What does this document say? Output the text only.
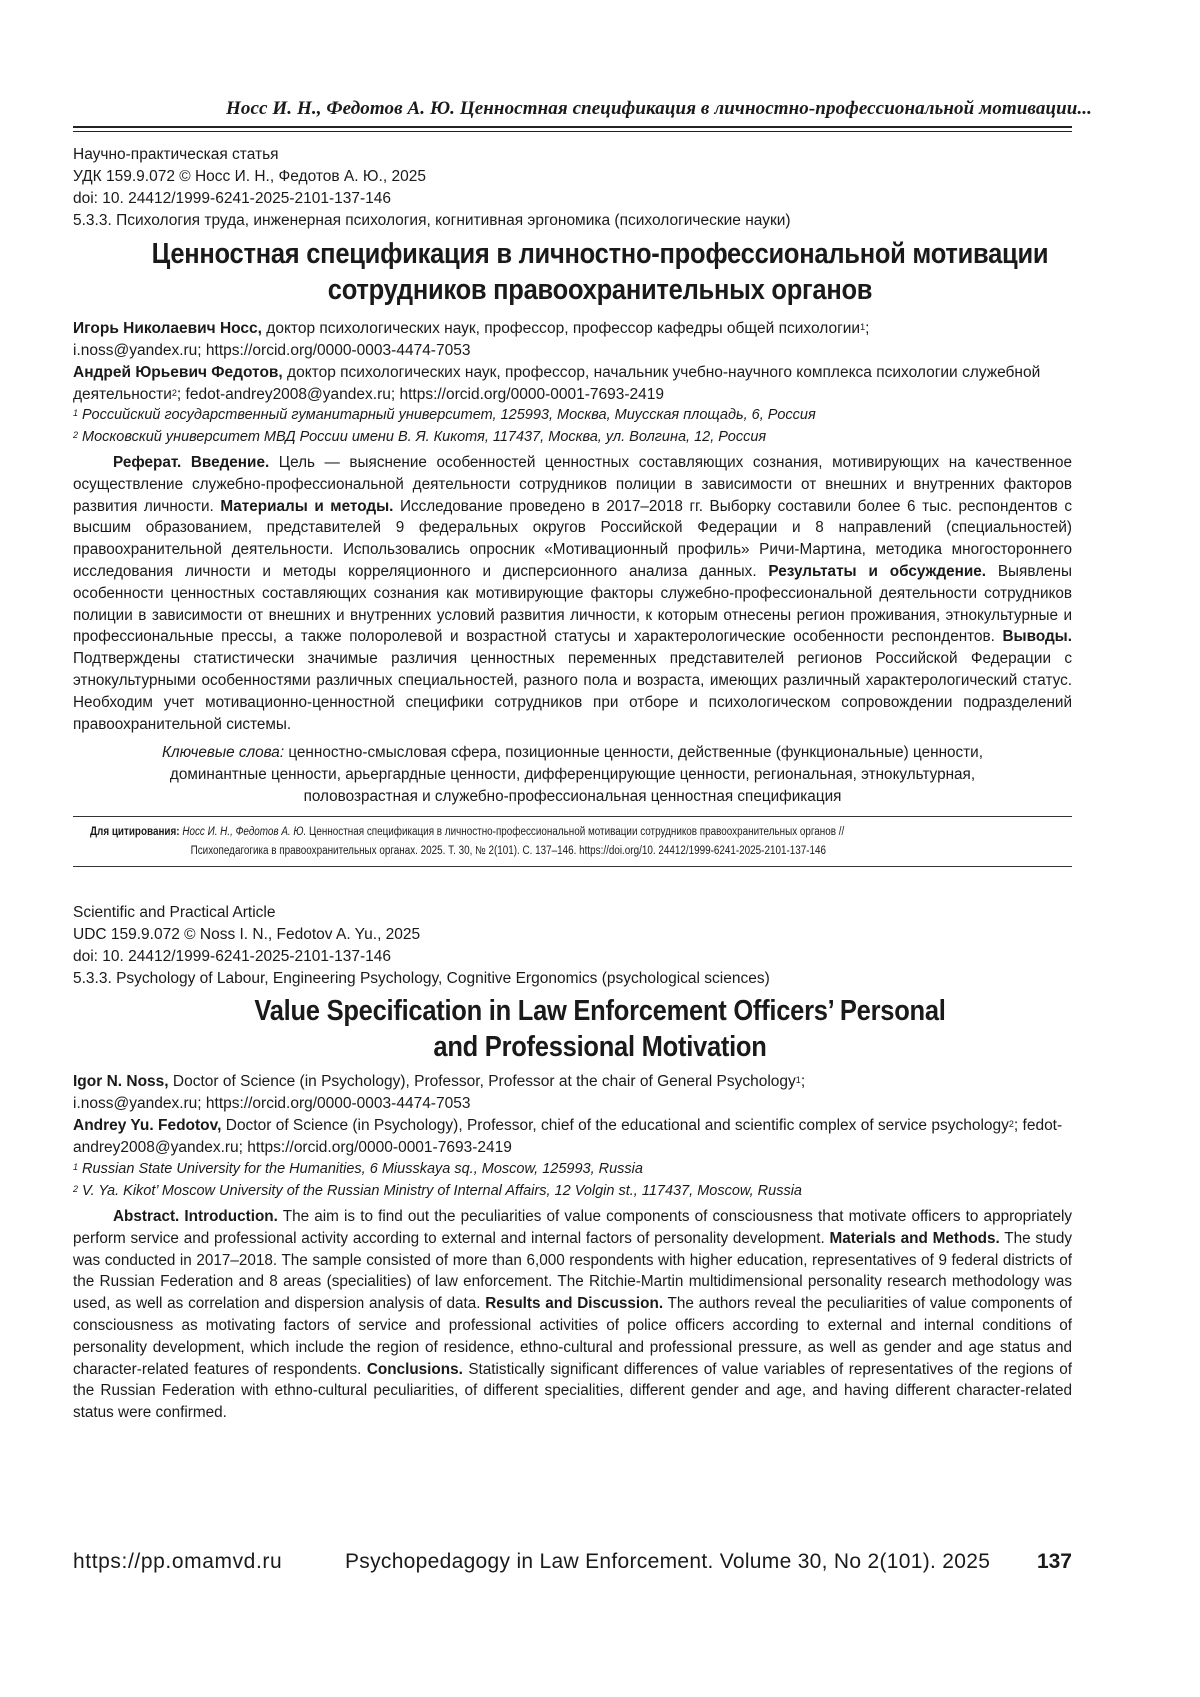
Носс И. Н., Федотов А. Ю. Ценностная спецификация в личностно-профессиональной мотивации...
Научно-практическая статья
УДК 159.9.072 © Носс И. Н., Федотов А. Ю., 2025
doi: 10. 24412/1999-6241-2025-2101-137-146
5.3.3. Психология труда, инженерная психология, когнитивная эргономика (психологические науки)
Ценностная спецификация в личностно-профессиональной мотивации
сотрудников правоохранительных органов

Игорь Николаевич Носс, доктор психологических наук, профессор, профессор кафедры общей психологии1;

i.noss@yandex.ru; https://orcid.org/0000-0003-4474-7053

Андрей Юрьевич Федотов, доктор психологических наук, профессор, начальник учебно-научного комплекса психологии служебной деятельности2; fedot-andrey2008@yandex.ru; https://orcid.org/0000-0001-7693-2419

1 Российский государственный гуманитарный университет, 125993, Москва, Миусская площадь, 6, Россия

2 Московский университет МВД России имени В. Я. Кикотя, 117437, Москва, ул. Волгина, 12, Россия

Реферат. Введение. Цель — выяснение особенностей ценностных составляющих сознания, мотивирующих на качественное осуществление служебно-профессиональной деятельности сотрудников полиции в зависимости от внешних и внутренних факторов развития личности. Материалы и методы. Исследование проведено в 2017–2018 гг. Выборку составили более 6 тыс. респондентов с высшим образованием, представителей 9 федеральных округов Российской Федерации и 8 направлений (специальностей) правоохранительной деятельности. Использовались опросник «Мотивационный профиль» Ричи-Мартина, методика многостороннего исследования личности и методы корреляционного и дисперсионного анализа данных. Результаты и обсуждение. Выявлены особенности ценностных составляющих сознания как мотивирующие факторы служебно-профессиональной деятельности сотрудников полиции в зависимости от внешних и внутренних условий развития личности, к которым отнесены регион проживания, этнокультурные и профессиональные прессы, а также полоролевой и возрастной статусы и характерологические особенности респондентов. Выводы. Подтверждены статистически значимые различия ценностных переменных представителей регионов Российской Федерации с этнокультурными особенностями различных специальностей, разного пола и возраста, имеющих различный характерологический статус. Необходим учет мотивационно-ценностной специфики сотрудников при отборе и психологическом сопровождении подразделений правоохранительной системы.

Ключевые слова: ценностно-смысловая сфера, позиционные ценности, действенные (функциональные) ценности,
доминантные ценности, арьергардные ценности, дифференцирующие ценности, региональная, этнокультурная,
половозрастная и служебно-профессиональная ценностная спецификация
Для цитирования: Носс И. Н., Федотов А. Ю. Ценностная спецификация в личностно-профессиональной мотивации сотрудников правоохранительных органов //
Психопедагогика в правоохранительных органах. 2025. Т. 30, № 2(101). С. 137–146. https://doi.org/10. 24412/1999-6241-2025-2101-137-146
Scientific and Practical Article
UDC 159.9.072 © Noss I. N., Fedotov A. Yu., 2025
doi: 10. 24412/1999-6241-2025-2101-137-146
5.3.3. Psychology of Labour, Engineering Psychology, Cognitive Ergonomics (psychological sciences)
Value Specification in Law Enforcement Officers’ Personal
and Professional Motivation

Igor N. Noss, Doctor of Science (in Psychology), Professor, Professor at the chair of General Psychology1;

i.noss@yandex.ru; https://orcid.org/0000-0003-4474-7053

Andrey Yu. Fedotov, Doctor of Science (in Psychology), Professor, chief of the educational and scientific complex of service psychology2; fedot-andrey2008@yandex.ru; https://orcid.org/0000-0001-7693-2419

1 Russian State University for the Humanities, 6 Miusskaya sq., Moscow, 125993, Russia

2 V. Ya. Kikot’ Moscow University of the Russian Ministry of Internal Affairs, 12 Volgin st., 117437, Moscow, Russia

Abstract. Introduction. The aim is to find out the peculiarities of value components of consciousness that motivate officers to appropriately perform service and professional activity according to external and internal factors of personality development. Materials and Methods. The study was conducted in 2017–2018. The sample consisted of more than 6,000 respondents with higher education, representatives of 9 federal districts of the Russian Federation and 8 areas (specialities) of law enforcement. The Ritchie-Martin multidimensional personality research methodology was used, as well as correlation and dispersion analysis of data. Results and Discussion. The authors reveal the peculiarities of value components of consciousness as motivating factors of service and professional activities of police officers according to external and internal conditions of personality development, which include the region of residence, ethno-cultural and professional pressure, as well as gender and age status and character-related features of respondents. Conclusions. Statistically significant differences of value variables of representatives of the regions of the Russian Federation with ethno-cultural peculiarities, of different specialities, different gender and age, and having different character-related status were confirmed.

https://pp.omamvd.ru	Psychopedagogy in Law Enforcement. Volume 30, No 2(101). 2025 137
